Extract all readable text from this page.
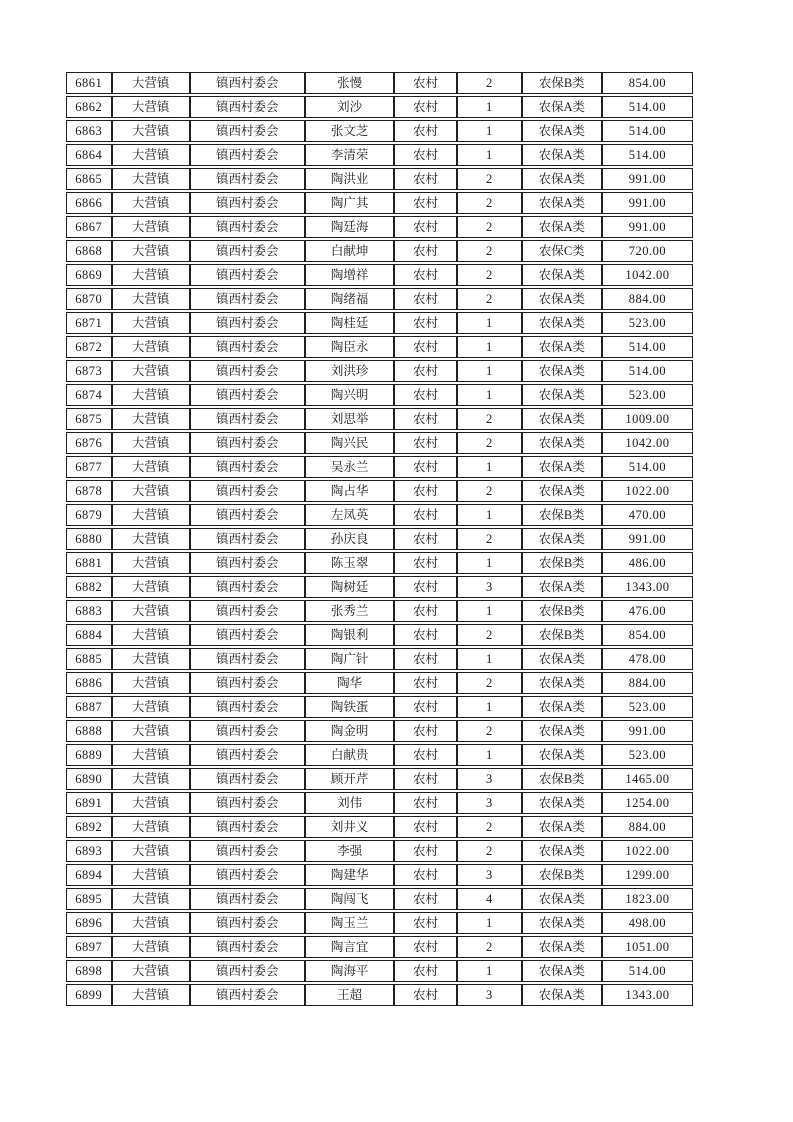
6861	大营镇	镇西村委会	张慢	农村	2	农保B类	854.00
6862	大营镇	镇西村委会	刘沙	农村	1	农保A类	514.00
6863	大营镇	镇西村委会	张文芝	农村	1	农保A类	514.00
6864	大营镇	镇西村委会	李清荣	农村	1	农保A类	514.00
6865	大营镇	镇西村委会	陶洪业	农村	2	农保A类	991.00
6866	大营镇	镇西村委会	陶广其	农村	2	农保A类	991.00
6867	大营镇	镇西村委会	陶廷海	农村	2	农保A类	991.00
6868	大营镇	镇西村委会	白献坤	农村	2	农保C类	720.00
6869	大营镇	镇西村委会	陶增祥	农村	2	农保A类	1042.00
6870	大营镇	镇西村委会	陶绪福	农村	2	农保A类	884.00
6871	大营镇	镇西村委会	陶桂廷	农村	1	农保A类	523.00
6872	大营镇	镇西村委会	陶臣永	农村	1	农保A类	514.00
6873	大营镇	镇西村委会	刘洪珍	农村	1	农保A类	514.00
6874	大营镇	镇西村委会	陶兴明	农村	1	农保A类	523.00
6875	大营镇	镇西村委会	刘思举	农村	2	农保A类	1009.00
6876	大营镇	镇西村委会	陶兴民	农村	2	农保A类	1042.00
6877	大营镇	镇西村委会	吴永兰	农村	1	农保A类	514.00
6878	大营镇	镇西村委会	陶占华	农村	2	农保A类	1022.00
6879	大营镇	镇西村委会	左凤英	农村	1	农保B类	470.00
6880	大营镇	镇西村委会	孙庆良	农村	2	农保A类	991.00
6881	大营镇	镇西村委会	陈玉翠	农村	1	农保B类	486.00
6882	大营镇	镇西村委会	陶树廷	农村	3	农保A类	1343.00
6883	大营镇	镇西村委会	张秀兰	农村	1	农保B类	476.00
6884	大营镇	镇西村委会	陶银利	农村	2	农保B类	854.00
6885	大营镇	镇西村委会	陶广针	农村	1	农保A类	478.00
6886	大营镇	镇西村委会	陶华	农村	2	农保A类	884.00
6887	大营镇	镇西村委会	陶铁蛋	农村	1	农保A类	523.00
6888	大营镇	镇西村委会	陶金明	农村	2	农保A类	991.00
6889	大营镇	镇西村委会	白献贵	农村	1	农保A类	523.00
6890	大营镇	镇西村委会	顾开芹	农村	3	农保B类	1465.00
6891	大营镇	镇西村委会	刘伟	农村	3	农保A类	1254.00
6892	大营镇	镇西村委会	刘井义	农村	2	农保A类	884.00
6893	大营镇	镇西村委会	李强	农村	2	农保A类	1022.00
6894	大营镇	镇西村委会	陶建华	农村	3	农保B类	1299.00
6895	大营镇	镇西村委会	陶闯飞	农村	4	农保A类	1823.00
6896	大营镇	镇西村委会	陶玉兰	农村	1	农保A类	498.00
6897	大营镇	镇西村委会	陶言宜	农村	2	农保A类	1051.00
6898	大营镇	镇西村委会	陶海平	农村	1	农保A类	514.00
6899	大营镇	镇西村委会	王超	农村	3	农保A类	1343.00
